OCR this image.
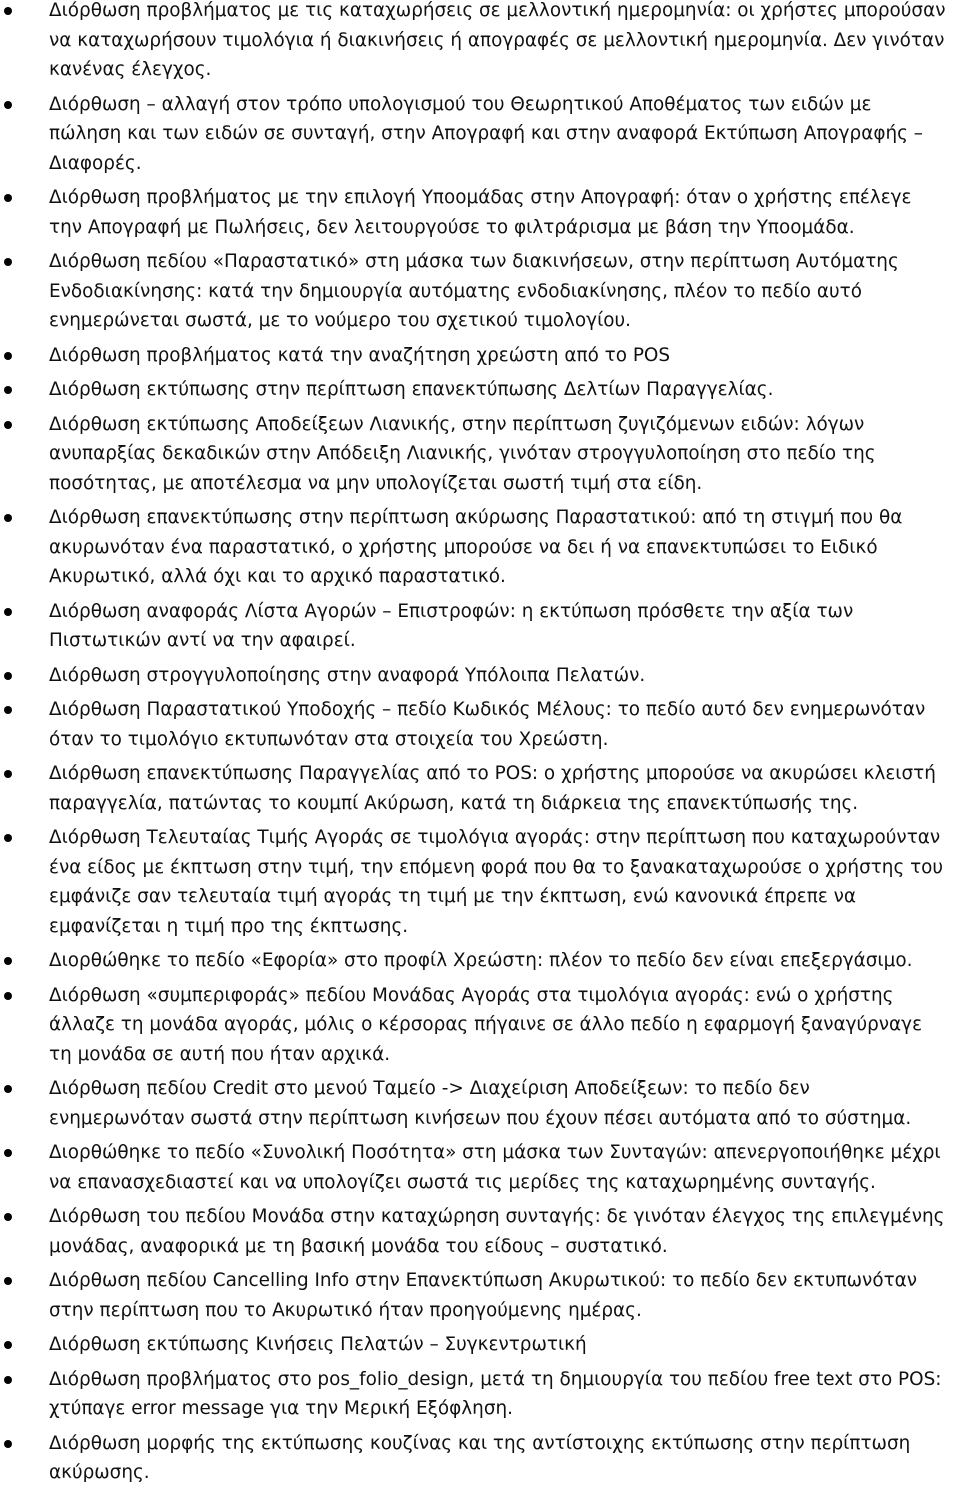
Διόρθωση προβλήματος με τις καταχωρήσεις σε μελλοντική ημερομηνία: οι χρήστες μπορούσαν να καταχωρήσουν τιμολόγια ή διακινήσεις ή απογραφές σε μελλοντική ημερομηνία. Δεν γινόταν κανένας έλεγχος.
Διόρθωση – αλλαγή στον τρόπο υπολογισμού του Θεωρητικού Αποθέματος των ειδών με πώληση και των ειδών σε συνταγή, στην Απογραφή και στην αναφορά Εκτύπωση Απογραφής – Διαφορές.
Διόρθωση προβλήματος με την επιλογή Υποομάδας στην Απογραφή: όταν ο χρήστης επέλεγε την Απογραφή με Πωλήσεις, δεν λειτουργούσε το φιλτράρισμα με βάση την Υποομάδα.
Διόρθωση πεδίου «Παραστατικό» στη μάσκα των διακινήσεων, στην περίπτωση Αυτόματης Ενδοδιακίνησης: κατά την δημιουργία αυτόματης ενδοδιακίνησης, πλέον το πεδίο αυτό ενημερώνεται σωστά, με το νούμερο του σχετικού τιμολογίου.
Διόρθωση προβλήματος κατά την αναζήτηση χρεώστη από το POS
Διόρθωση εκτύπωσης στην περίπτωση επανεκτύπωσης Δελτίων Παραγγελίας.
Διόρθωση εκτύπωσης Αποδείξεων Λιανικής, στην περίπτωση ζυγιζόμενων ειδών: λόγων ανυπαρξίας δεκαδικών στην Απόδειξη Λιανικής, γινόταν στρογγυλοποίηση στο πεδίο της ποσότητας, με αποτέλεσμα να μην υπολογίζεται σωστή τιμή στα είδη.
Διόρθωση επανεκτύπωσης στην περίπτωση ακύρωσης Παραστατικού: από τη στιγμή που θα ακυρωνόταν ένα παραστατικό, ο χρήστης μπορούσε να δει ή να επανεκτυπώσει το Ειδικό Ακυρωτικό, αλλά όχι και το αρχικό παραστατικό.
Διόρθωση αναφοράς Λίστα Αγορών – Επιστροφών: η εκτύπωση πρόσθετε την αξία των Πιστωτικών αντί να την αφαιρεί.
Διόρθωση στρογγυλοποίησης στην αναφορά Υπόλοιπα Πελατών.
Διόρθωση Παραστατικού Υποδοχής – πεδίο Κωδικός Μέλους: το πεδίο αυτό δεν ενημερωνόταν όταν το τιμολόγιο εκτυπωνόταν στα στοιχεία του Χρεώστη.
Διόρθωση επανεκτύπωσης Παραγγελίας από το POS: ο χρήστης μπορούσε να ακυρώσει κλειστή παραγγελία, πατώντας το κουμπί Ακύρωση, κατά τη διάρκεια της επανεκτύπωσής της.
Διόρθωση Τελευταίας Τιμής Αγοράς σε τιμολόγια αγοράς: στην περίπτωση που καταχωρούνταν ένα είδος με έκπτωση στην τιμή, την επόμενη φορά που θα το ξανακαταχωρούσε ο χρήστης του εμφάνιζε σαν τελευταία τιμή αγοράς τη τιμή με την έκπτωση, ενώ κανονικά έπρεπε να εμφανίζεται η τιμή προ της έκπτωσης.
Διορθώθηκε το πεδίο «Εφορία» στο προφίλ Χρεώστη: πλέον το πεδίο δεν είναι επεξεργάσιμο.
Διόρθωση «συμπεριφοράς» πεδίου Μονάδας Αγοράς στα τιμολόγια αγοράς: ενώ ο χρήστης άλλαζε τη μονάδα αγοράς, μόλις ο κέρσορας πήγαινε σε άλλο πεδίο η εφαρμογή ξαναγύρναγε τη μονάδα σε αυτή που ήταν αρχικά.
Διόρθωση πεδίου Credit στο μενού Ταμείο -> Διαχείριση Αποδείξεων: το πεδίο δεν ενημερωνόταν σωστά στην περίπτωση κινήσεων που έχουν πέσει αυτόματα από το σύστημα.
Διορθώθηκε το πεδίο «Συνολική Ποσότητα» στη μάσκα των Συνταγών: απενεργοποιήθηκε μέχρι να επανασχεδιαστεί και να υπολογίζει σωστά τις μερίδες της καταχωρημένης συνταγής.
Διόρθωση του πεδίου Μονάδα στην καταχώρηση συνταγής: δε γινόταν έλεγχος της επιλεγμένης μονάδας, αναφορικά με τη βασική μονάδα του είδους – συστατικό.
Διόρθωση πεδίου Cancelling Info στην Επανεκτύπωση Ακυρωτικού: το πεδίο δεν εκτυπωνόταν στην περίπτωση που το Ακυρωτικό ήταν προηγούμενης ημέρας.
Διόρθωση εκτύπωσης Κινήσεις Πελατών – Συγκεντρωτική
Διόρθωση προβλήματος στο pos_folio_design, μετά τη δημιουργία του πεδίου free text στο POS: χτύπαγε error message για την Μερική Εξόφληση.
Διόρθωση μορφής της εκτύπωσης κουζίνας και της αντίστοιχης εκτύπωσης στην περίπτωση ακύρωσης.
